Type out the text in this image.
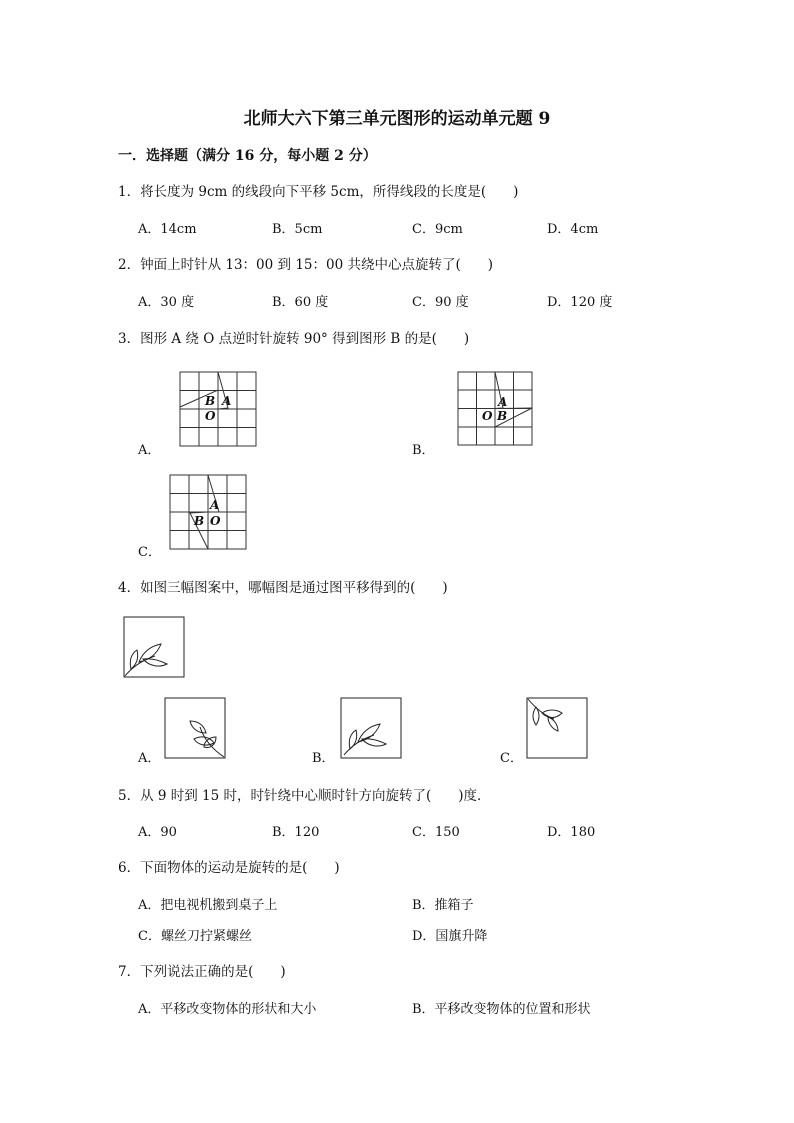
北师大六下第三单元图形的运动单元题 9
一．选择题（满分 16 分，每小题 2 分）
1．将长度为 9cm 的线段向下平移 5cm，所得线段的长度是(　　)
A．14cm	B．5cm	C．9cm	D．4cm
2．钟面上时针从 13：00 到 15：00 共绕中心点旋转了(　　)
A．30 度	B．60 度	C．90 度	D．120 度
3．图形 A 绕 O 点逆时针旋转 90° 得到图形 B 的是(　　)
B A
O
A．
A
O B
B．
A
B O
C．
4．如图三幅图案中，哪幅图是通过图平移得到的(　　)
A．	B．	C．
5．从 9 时到 15 时，时针绕中心顺时针方向旋转了(　　)度．
A．90	B．120	C．150	D．180
6．下面物体的运动是旋转的是(　　)
A．把电视机搬到桌子上	B．推箱子
C．螺丝刀拧紧螺丝	D．国旗升降
7．下列说法正确的是(　　)
A．平移改变物体的形状和大小	B．平移改变物体的位置和形状
